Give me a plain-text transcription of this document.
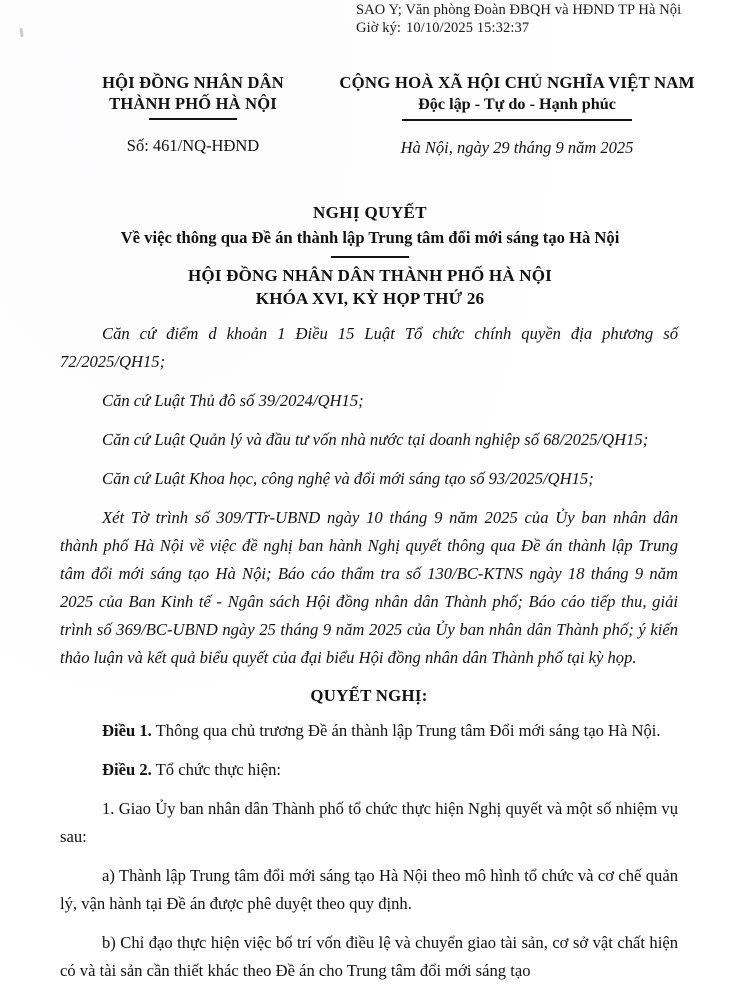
SAO Y; Văn phòng Đoàn ĐBQH và HĐND TP Hà Nội
Giờ ký: 10/10/2025 15:32:37
HỘI ĐỒNG NHÂN DÂN
THÀNH PHỐ HÀ NỘI
Số: 461/NQ-HĐND
CỘNG HOÀ XÃ HỘI CHỦ NGHĨA VIỆT NAM
Độc lập - Tự do - Hạnh phúc
Hà Nội, ngày 29 tháng 9 năm 2025
NGHỊ QUYẾT
Về việc thông qua Đề án thành lập Trung tâm đổi mới sáng tạo Hà Nội
HỘI ĐỒNG NHÂN DÂN THÀNH PHỐ HÀ NỘI
KHÓA XVI, KỲ HỌP THỨ 26

Căn cứ điểm d khoản 1 Điều 15 Luật Tổ chức chính quyền địa phương số 72/2025/QH15;

Căn cứ Luật Thủ đô số 39/2024/QH15;

Căn cứ Luật Quản lý và đầu tư vốn nhà nước tại doanh nghiệp số 68/2025/QH15;

Căn cứ Luật Khoa học, công nghệ và đổi mới sáng tạo số 93/2025/QH15;

Xét Tờ trình số 309/TTr-UBND ngày 10 tháng 9 năm 2025 của Ủy ban nhân dân thành phố Hà Nội về việc đề nghị ban hành Nghị quyết thông qua Đề án thành lập Trung tâm đổi mới sáng tạo Hà Nội; Báo cáo thẩm tra số 130/BC-KTNS ngày 18 tháng 9 năm 2025 của Ban Kinh tế - Ngân sách Hội đồng nhân dân Thành phố; Báo cáo tiếp thu, giải trình số 369/BC-UBND ngày 25 tháng 9 năm 2025 của Ủy ban nhân dân Thành phố; ý kiến thảo luận và kết quả biểu quyết của đại biểu Hội đồng nhân dân Thành phố tại kỳ họp.

QUYẾT NGHỊ:

Điều 1. Thông qua chủ trương Đề án thành lập Trung tâm Đổi mới sáng tạo Hà Nội.

Điều 2. Tổ chức thực hiện:

1. Giao Ủy ban nhân dân Thành phố tổ chức thực hiện Nghị quyết và một số nhiệm vụ sau:

a) Thành lập Trung tâm đổi mới sáng tạo Hà Nội theo mô hình tổ chức và cơ chế quản lý, vận hành tại Đề án được phê duyệt theo quy định.

b) Chỉ đạo thực hiện việc bố trí vốn điều lệ và chuyển giao tài sản, cơ sở vật chất hiện có và tài sản cần thiết khác theo Đề án cho Trung tâm đổi mới sáng tạo
